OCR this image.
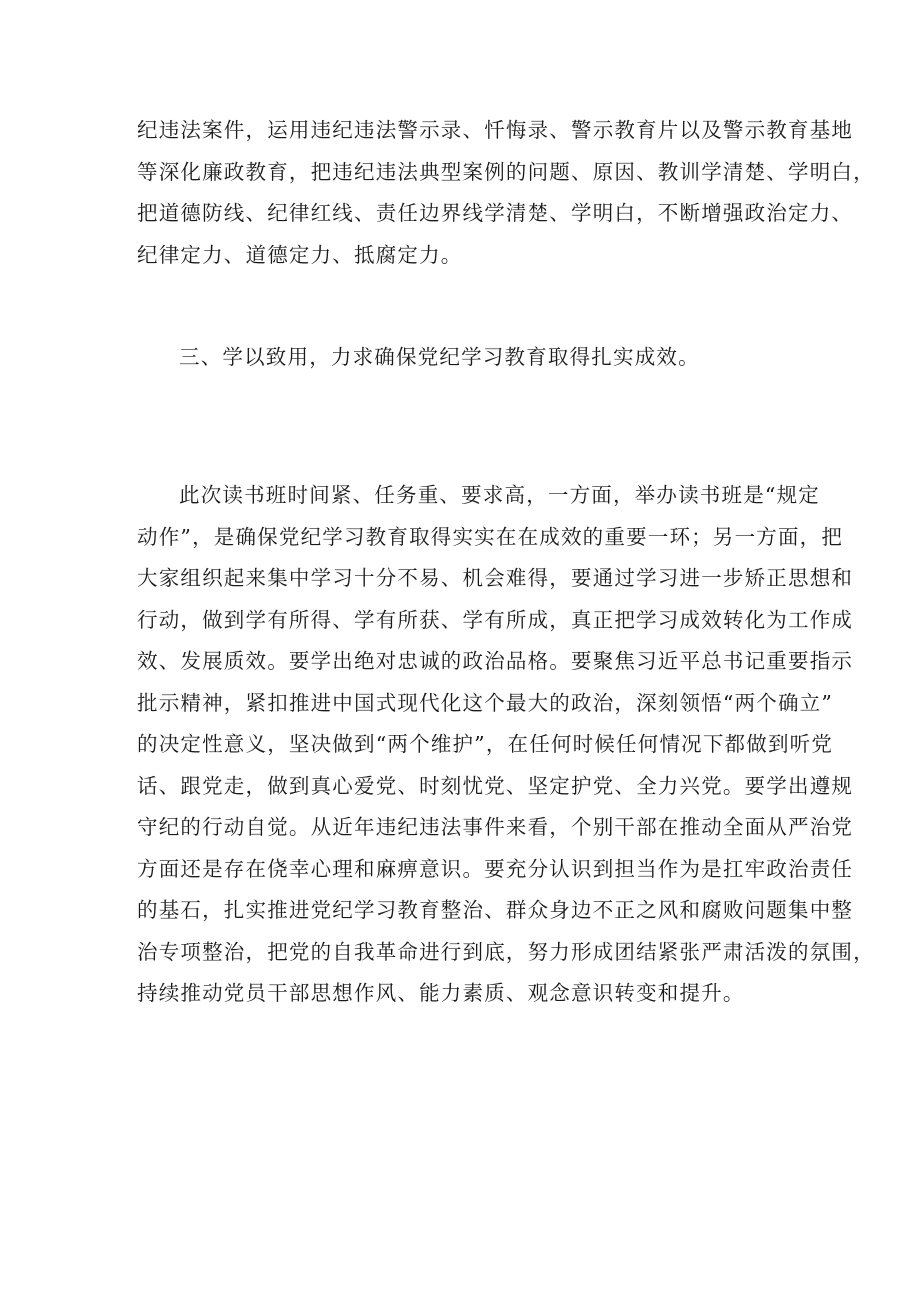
纪违法案件，运用违纪违法警示录、忏悔录、警示教育片以及警示教育基地
等深化廉政教育，把违纪违法典型案例的问题、原因、教训学清楚、学明白，
把道德防线、纪律红线、责任边界线学清楚、学明白，不断增强政治定力、
纪律定力、道德定力、抵腐定力。
三、学以致用，力求确保党纪学习教育取得扎实成效。
此次读书班时间紧、任务重、要求高，一方面，举办读书班是“规定
动作”，是确保党纪学习教育取得实实在在成效的重要一环；另一方面，把
大家组织起来集中学习十分不易、机会难得，要通过学习进一步矫正思想和
行动，做到学有所得、学有所获、学有所成，真正把学习成效转化为工作成
效、发展质效。要学出绝对忠诚的政治品格。要聚焦习近平总书记重要指示
批示精神，紧扣推进中国式现代化这个最大的政治，深刻领悟“两个确立”
的决定性意义，坚决做到“两个维护”，在任何时候任何情况下都做到听党
话、跟党走，做到真心爱党、时刻忧党、坚定护党、全力兴党。要学出遵规
守纪的行动自觉。从近年违纪违法事件来看，个别干部在推动全面从严治党
方面还是存在侥幸心理和麻痹意识。要充分认识到担当作为是扛牢政治责任
的基石，扎实推进党纪学习教育整治、群众身边不正之风和腐败问题集中整
治专项整治，把党的自我革命进行到底，努力形成团结紧张严肃活泼的氛围，
持续推动党员干部思想作风、能力素质、观念意识转变和提升。
